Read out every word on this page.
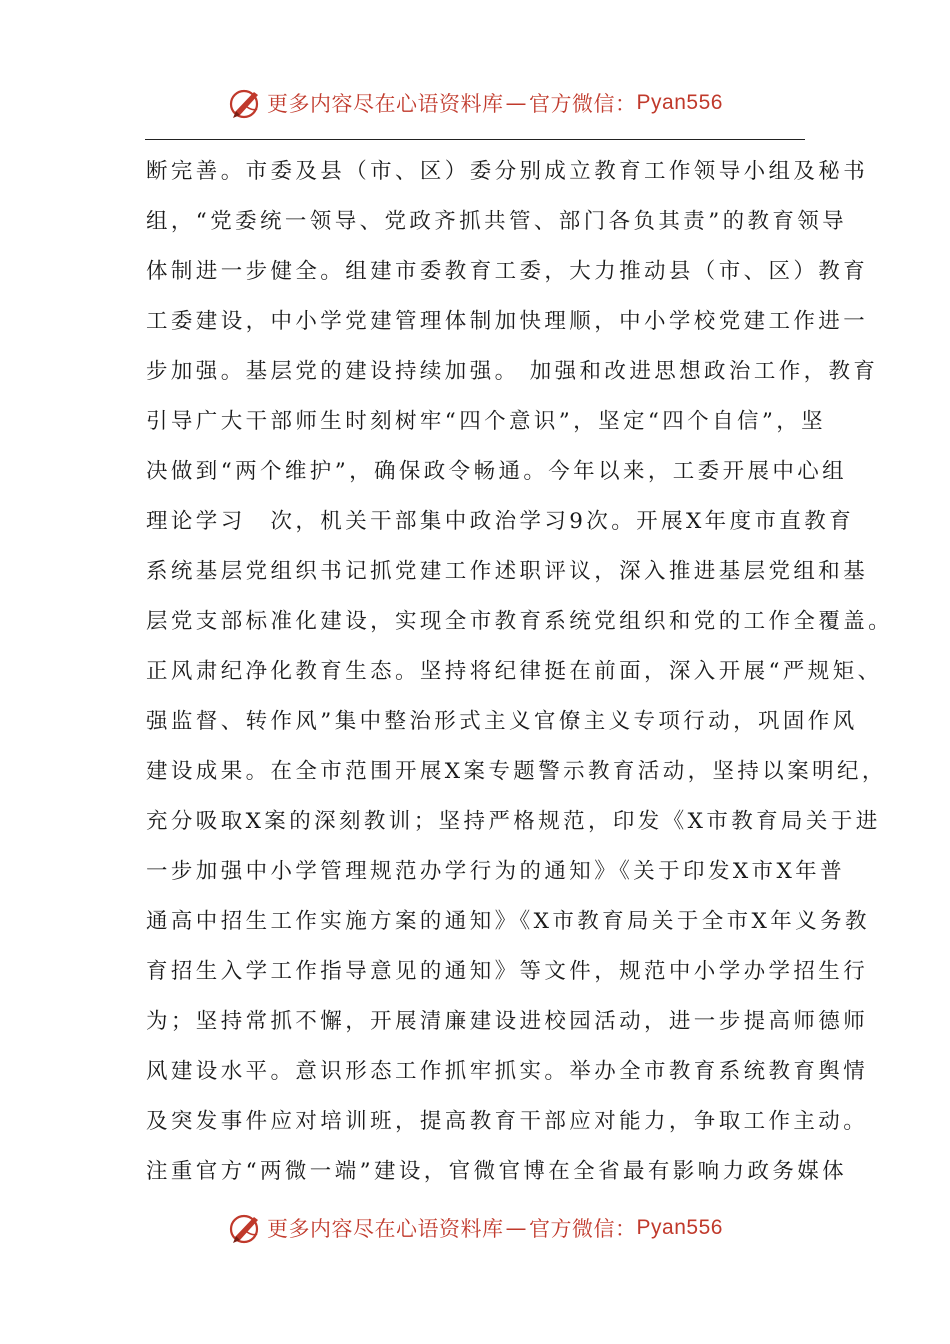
更多内容尽在心语资料库 — 官方微信： Pyan556
断完善。市委及县（市、区）委分别成立教育工作领导小组及秘书
组，“党委统一领导、党政齐抓共管、部门各负其责”的教育领导
体制进一步健全。组建市委教育工委，大力推动县（市、区）教育
工委建设，中小学党建管理体制加快理顺，中小学校党建工作进一
步加强。基层党的建设持续加强。 加强和改进思想政治工作，教育
引导广大干部师生时刻树牢“四个意识”，坚定“四个自信”，坚
决做到“两个维护”，确保政令畅通。今年以来，工委开展中心组
理论学习　次，机关干部集中政治学习9次。开展X年度市直教育
系统基层党组织书记抓党建工作述职评议，深入推进基层党组和基
层党支部标准化建设，实现全市教育系统党组织和党的工作全覆盖。
正风肃纪净化教育生态。坚持将纪律挺在前面，深入开展“严规矩、
强监督、转作风”集中整治形式主义官僚主义专项行动，巩固作风
建设成果。在全市范围开展X案专题警示教育活动，坚持以案明纪，
充分吸取X案的深刻教训；坚持严格规范，印发《X市教育局关于进
一步加强中小学管理规范办学行为的通知》《关于印发X市X年普
通高中招生工作实施方案的通知》《X市教育局关于全市X年义务教
育招生入学工作指导意见的通知》等文件，规范中小学办学招生行
为；坚持常抓不懈，开展清廉建设进校园活动，进一步提高师德师
风建设水平。意识形态工作抓牢抓实。举办全市教育系统教育舆情
及突发事件应对培训班，提高教育干部应对能力，争取工作主动。
注重官方“两微一端”建设，官微官博在全省最有影响力政务媒体
更多内容尽在心语资料库 — 官方微信： Pyan556
